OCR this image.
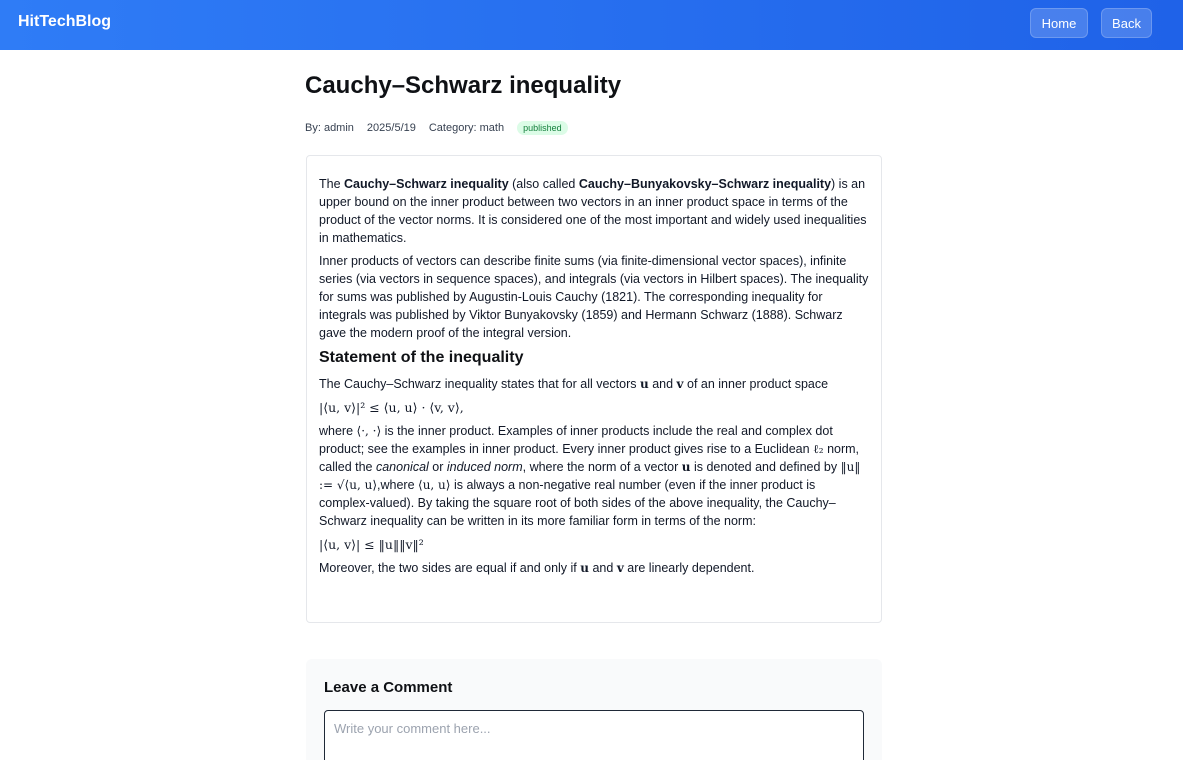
HitTechBlog	Home	Back
Cauchy–Schwarz inequality
By: admin 2025/5/19 Category: math	published

The Cauchy–Schwarz inequality (also called Cauchy–Bunyakovsky–Schwarz inequality) is an upper bound on the inner product between two vectors in an inner product space in terms of the product of the vector norms. It is considered one of the most important and widely used inequalities in mathematics.

Inner products of vectors can describe finite sums (via finite-dimensional vector spaces), infinite series (via vectors in sequence spaces), and integrals (via vectors in Hilbert spaces). The inequality for sums was published by Augustin-Louis Cauchy (1821). The corresponding inequality for integrals was published by Viktor Bunyakovsky (1859) and Hermann Schwarz (1888). Schwarz gave the modern proof of the integral version.

Statement of the inequality

The Cauchy–Schwarz inequality states that for all vectors u and v of an inner product space

|⟨u, v⟩|² ≤ ⟨u, u⟩ · ⟨v, v⟩,

where ⟨·, ·⟩ is the inner product. Examples of inner products include the real and complex dot product; see the examples in inner product. Every inner product gives rise to a Euclidean ℓ₂ norm, called the canonical or induced norm, where the norm of a vector u is denoted and defined by ‖u‖ := √⟨u, u⟩,where ⟨u, u⟩ is always a non-negative real number (even if the inner product is complex-valued). By taking the square root of both sides of the above inequality, the Cauchy–Schwarz inequality can be written in its more familiar form in terms of the norm:

|⟨u, v⟩| ≤ ‖u‖‖v‖²

Moreover, the two sides are equal if and only if u and v are linearly dependent.

Leave a Comment
Write your comment here...
